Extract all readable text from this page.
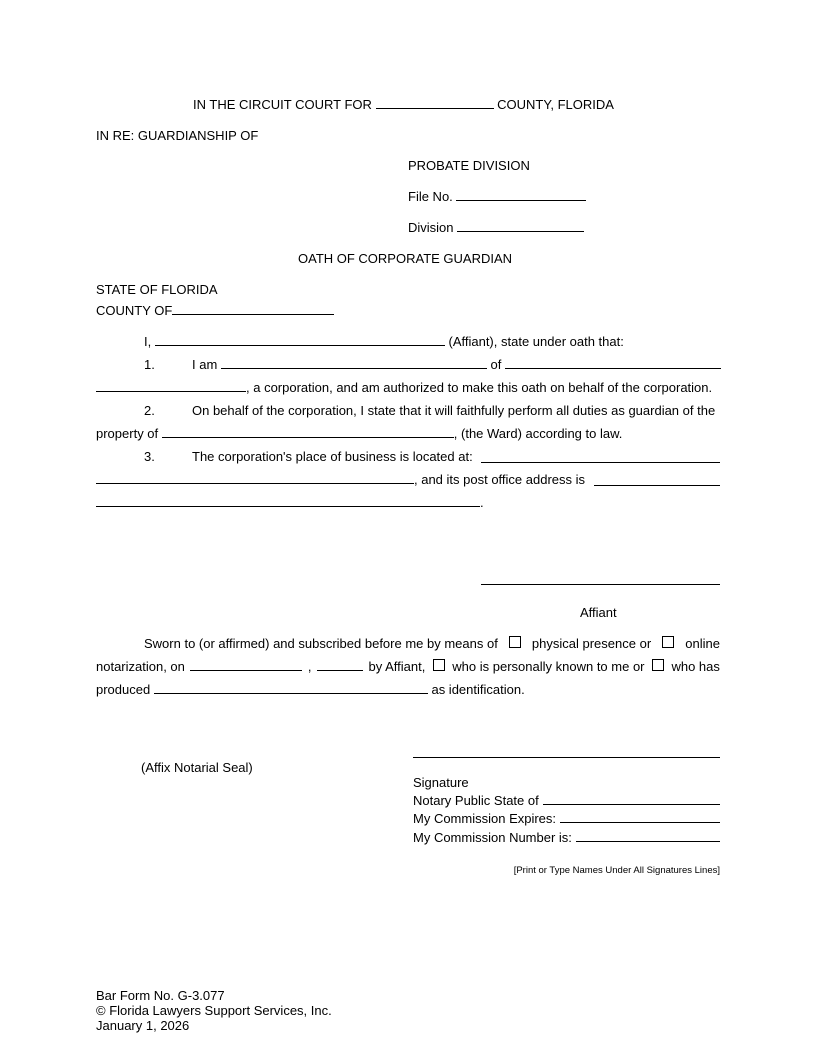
IN THE CIRCUIT COURT FOR	COUNTY, FLORIDA
IN RE: GUARDIANSHIP OF
PROBATE DIVISION
File No.
Division
OATH OF CORPORATE GUARDIAN
STATE OF FLORIDA
COUNTY OF
I,	(Affiant), state under oath that:
1.	I am	of
, a corporation, and am authorized to make this oath on behalf of the corporation.
2.	On behalf of the corporation, I state that it will faithfully perform all duties as guardian of the
property of	, (the Ward) according to law.
3.	The corporation's place of business is located at:
, and its post office address is
.
Affiant
Sworn to (or affirmed) and subscribed before me by means of	physical presence or	online
notarization, on	,	by Affiant, who is personally known to me or who has
produced	as identification.
(Affix Notarial Seal)
Signature
Notary Public State of
My Commission Expires:
My Commission Number is:
[Print or Type Names Under All Signatures Lines]
Bar Form No. G-3.077
© Florida Lawyers Support Services, Inc.
January 1, 2026
